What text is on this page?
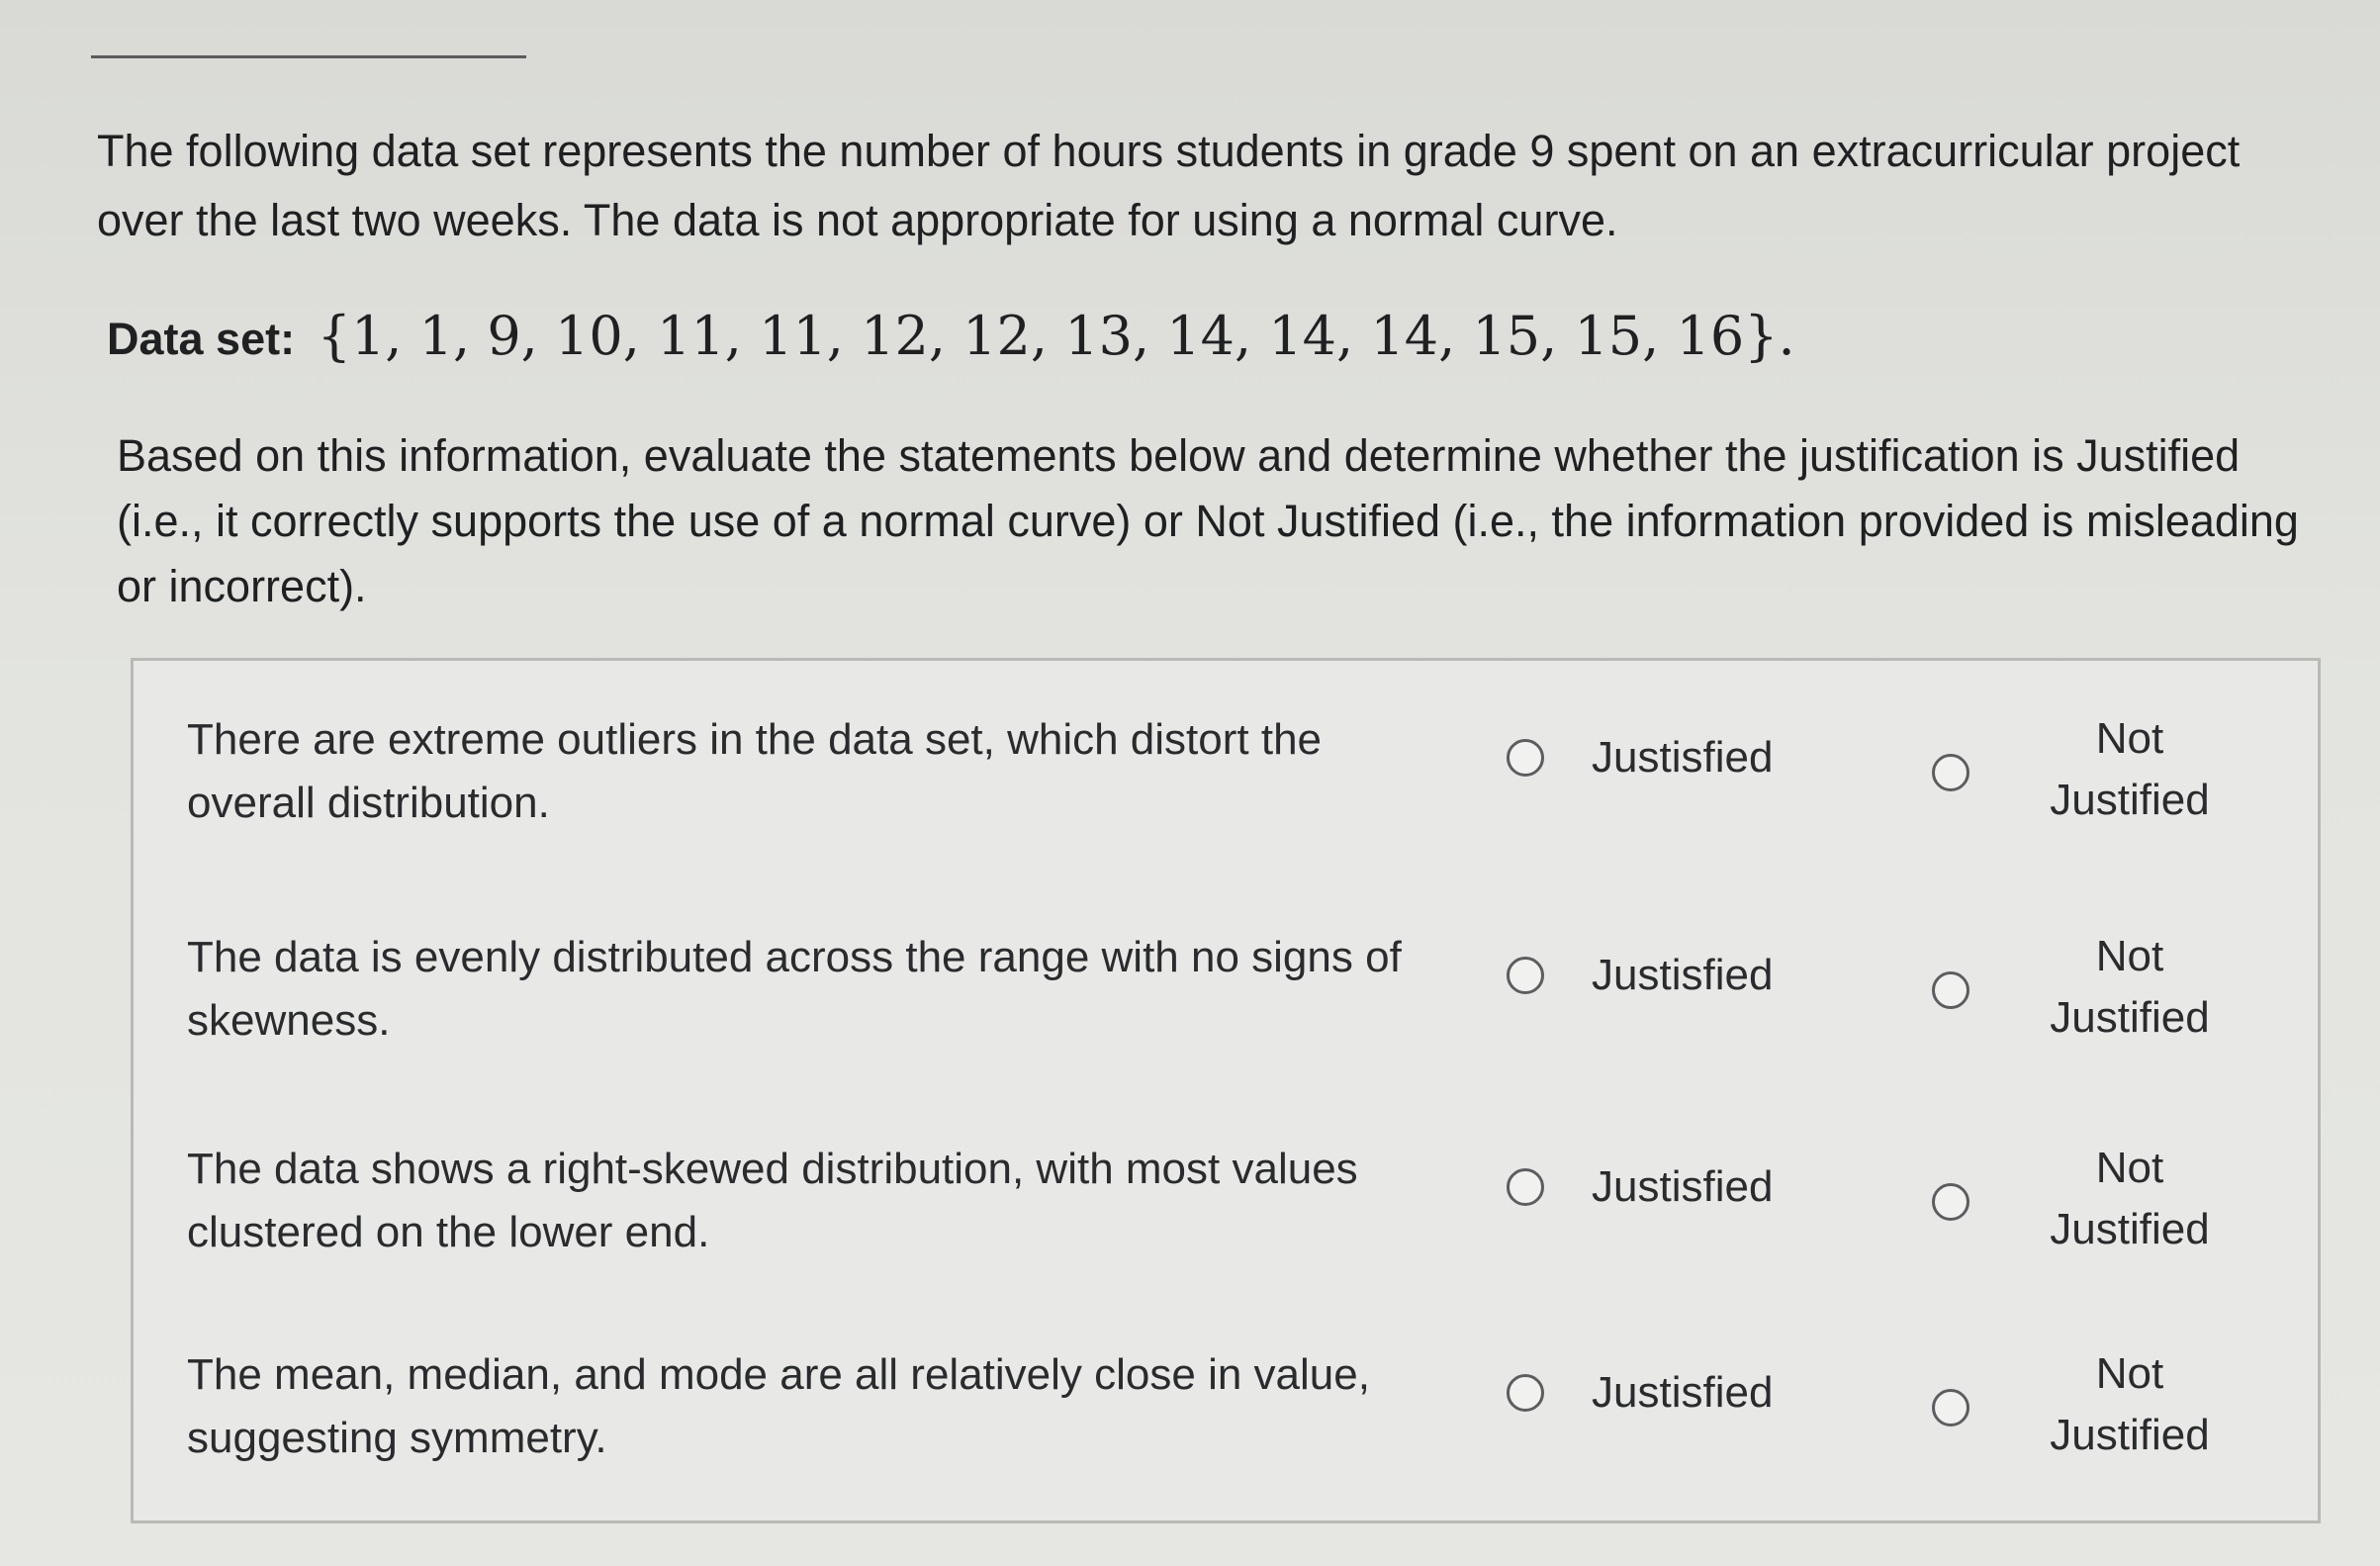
The following data set represents the number of hours students in grade 9 spent on an extracurricular project over the last two weeks. The data is not appropriate for using a normal curve.
Data set: {1, 1, 9, 10, 11, 11, 12, 12, 13, 14, 14, 14, 15, 15, 16}.
Based on this information, evaluate the statements below and determine whether the justification is Justified (i.e., it correctly supports the use of a normal curve) or Not Justified (i.e., the information provided is misleading or incorrect).
There are extreme outliers in the data set, which distort the overall distribution.
Justisfied	Not
Justified
The data is evenly distributed across the range with no signs of skewness.
Justisfied	Not
Justified
The data shows a right-skewed distribution, with most values clustered on the lower end.
Justisfied	Not
Justified
The mean, median, and mode are all relatively close in value, suggesting symmetry.
Justisfied	Not
Justified
